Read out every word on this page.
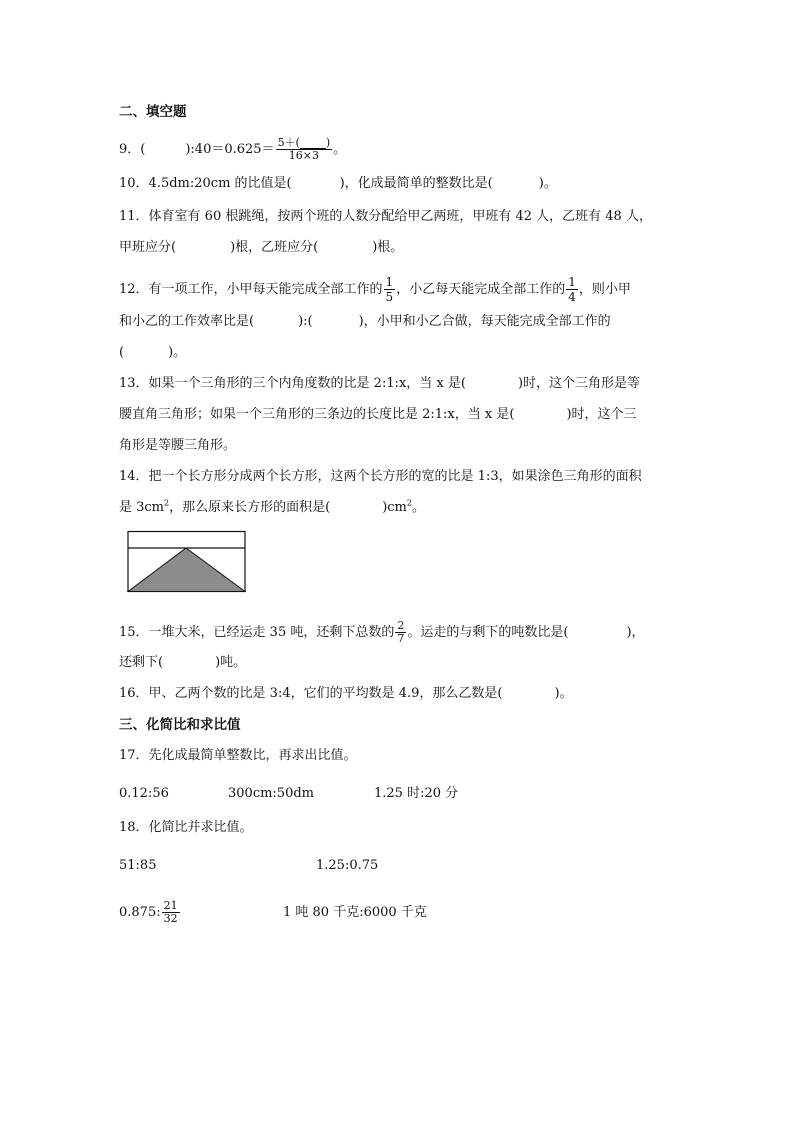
二、填空题
9．(	):40＝0.625＝ $\frac{5+( )}{16\times 3}$ 。
10．4.5dm:20cm 的比值是(	)，化成最简单的整数比是(	)。
11．体育室有 60 根跳绳，按两个班的人数分配给甲乙两班，甲班有 42 人，乙班有 48 人，
甲班应分(	)根，乙班应分(	)根。
12．有一项工作，小甲每天能完成全部工作的 $\frac{1}{5}$ ，小乙每天能完成全部工作的 $\frac{1}{4}$ ，则小甲
和小乙的工作效率比是(	):(	)，小甲和小乙合做，每天能完成全部工作的
(	)。
13．如果一个三角形的三个内角度数的比是 2:1:x，当 x 是(	)时，这个三角形是等
腰直角三角形；如果一个三角形的三条边的长度比是 2:1:x，当 x 是(	)时，这个三
角形是等腰三角形。
14．把一个长方形分成两个长方形，这两个长方形的宽的比是 1:3，如果涂色三角形的面积
是 $3cm^2$，那么原来长方形的面积是(	)$cm^2$。
15．一堆大米，已经运走 35 吨，还剩下总数的 $\frac{2}{7}$ 。运走的与剩下的吨数比是(	)，
还剩下(	)吨。
16．甲、乙两个数的比是 3:4，它们的平均数是 4.9，那么乙数是(	)。
三、化简比和求比值
17．先化成最简单整数比，再求出比值。
0.12:56	300cm:50dm	1.25 时:20 分
18．化简比并求比值。
51:85	1.25:0.75
0.875: $\frac{21}{32}$	1 吨 80 千克:6000 千克
